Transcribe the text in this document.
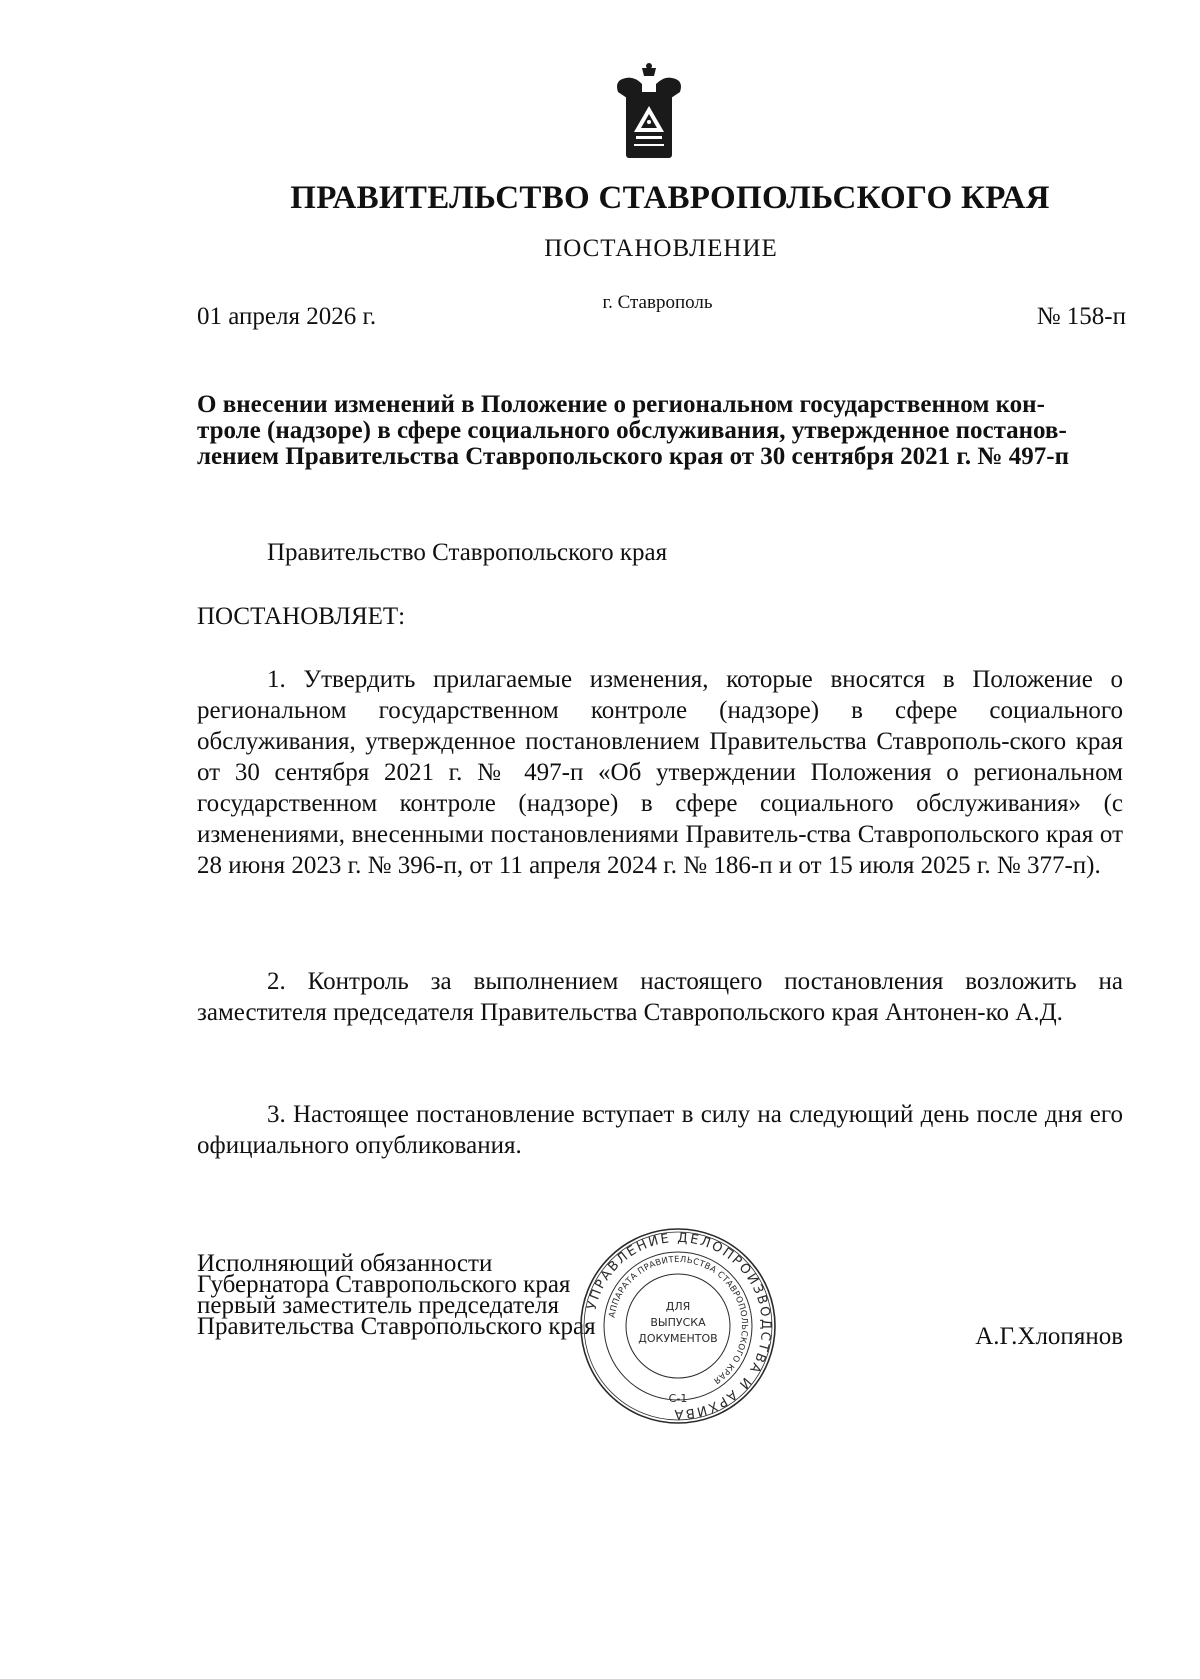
ПРАВИТЕЛЬСТВО СТАВРОПОЛЬСКОГО КРАЯ
ПОСТАНОВЛЕНИЕ
01 апреля 2026 г.
г. Ставрополь
№ 158-п
О внесении изменений в Положение о региональном государственном кон-
троле (надзоре) в сфере социального обслуживания, утвержденное постанов-
лением Правительства Ставропольского края от 30 сентября 2021 г. № 497-п

Правительство Ставропольского края

ПОСТАНОВЛЯЕТ:

1. Утвердить прилагаемые изменения, которые вносятся в Положение о региональном государственном контроле (надзоре) в сфере социального обслуживания, утвержденное постановлением Правительства Ставрополь-ского края от 30 сентября 2021 г. № 497-п «Об утверждении Положения о региональном государственном контроле (надзоре) в сфере социального обслуживания» (с изменениями, внесенными постановлениями Правитель-ства Ставропольского края от 28 июня 2023 г. № 396-п, от 11 апреля 2024 г. № 186-п и от 15 июля 2025 г. № 377-п).

2. Контроль за выполнением настоящего постановления возложить на заместителя председателя Правительства Ставропольского края Антонен-ко А.Д.

3. Настоящее постановление вступает в силу на следующий день после дня его официального опубликования.

Исполняющий обязанности
Губернатора Ставропольского края
первый заместитель председателя
Правительства Ставропольского края	А.Г.Хлопянов
УПРАВЛЕНИЕ ДЕЛОПРОИЗВОДСТВА И АРХИВА
АППАРАТА ПРАВИТЕЛЬСТВА СТАВРОПОЛЬСКОГО КРАЯ
ДЛЯ
ВЫПУСКА
ДОКУМЕНТОВ
С-1
